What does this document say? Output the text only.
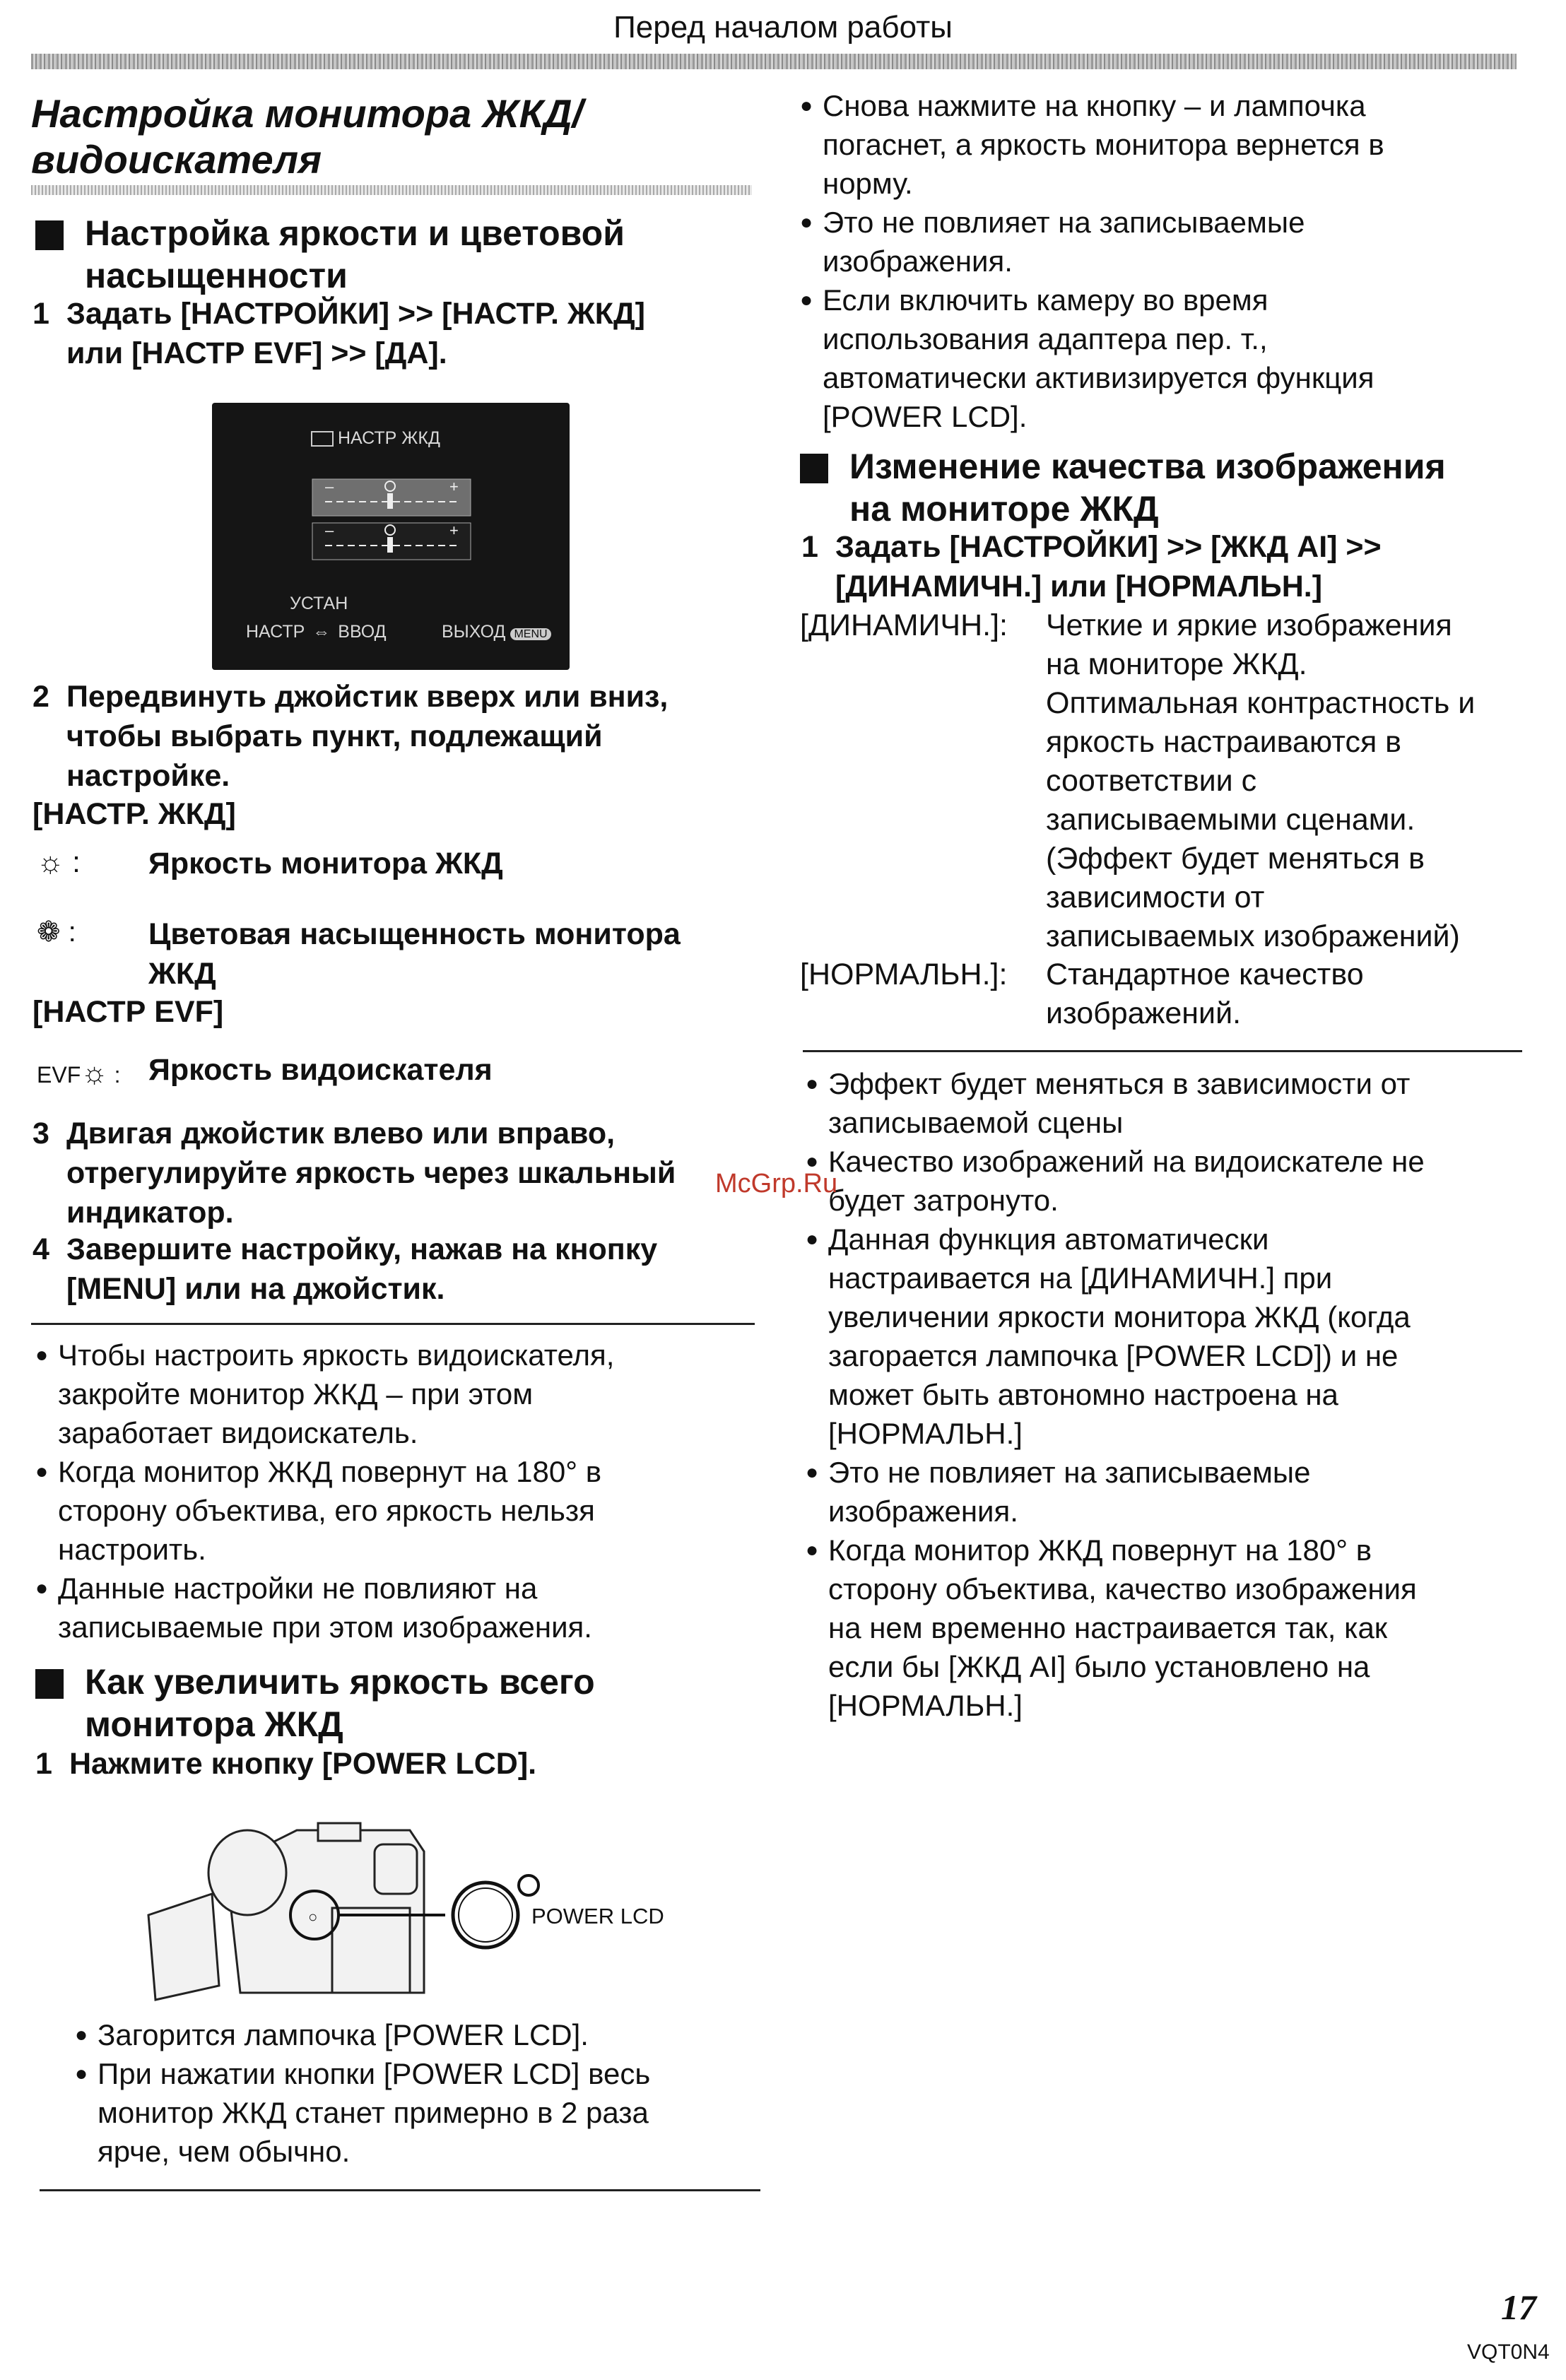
Перед началом работы
Настройка монитора ЖКД/
видоискателя
Настройка яркости и цветовой
насыщенности
1 Задать [НАСТРОЙКИ] >> [НАСТР. ЖКД]
или [НАСТР EVF] >> [ДА].
НАСТР ЖКД
–	+
–	+
УСТАН
НАСТР ⇔ ВВОД	ВЫХОД MENU
2 Передвинуть джойстик вверх или вниз,
чтобы выбрать пункт, подлежащий
настройке.
[НАСТР. ЖКД]
☼ : Яркость монитора ЖКД
❁ : Цветовая насыщенность монитора
ЖКД
[НАСТР EVF]
EVF☼ : Яркость видоискателя
3 Двигая джойстик влево или вправо,
отрегулируйте яркость через шкальный
индикатор.
4 Завершите настройку, нажав на кнопку
[MENU] или на джойстик.
● Чтобы настроить яркость видоискателя,
закройте монитор ЖКД – при этом
заработает видоискатель.
● Когда монитор ЖКД повернут на 180° в
сторону объектива, его яркость нельзя
настроить.
● Данные настройки не повлияют на
записываемые при этом изображения.
Как увеличить яркость всего
монитора ЖКД
1 Нажмите кнопку [POWER LCD].
○	POWER LCD
● Загорится лампочка [POWER LCD].
● При нажатии кнопки [POWER LCD] весь
монитор ЖКД станет примерно в 2 раза
ярче, чем обычно.
● Снова нажмите на кнопку – и лампочка
погаснет, а яркость монитора вернется в
норму.
● Это не повлияет на записываемые
изображения.
● Если включить камеру во время
использования адаптера пер. т.,
автоматически активизируется функция
[POWER LCD].
Изменение качества изображения
на мониторе ЖКД
1 Задать [НАСТРОЙКИ] >> [ЖКД AI] >>
[ДИНАМИЧН.] или [НОРМАЛЬН.]
[ДИНАМИЧН.]: Четкие и яркие изображения
на мониторе ЖКД.
Оптимальная контрастность и
яркость настраиваются в
соответствии с
записываемыми сценами.
(Эффект будет меняться в
зависимости от
записываемых изображений)
[НОРМАЛЬН.]: Стандартное качество
изображений.
● Эффект будет меняться в зависимости от
записываемой сцены
● Качество изображений на видоискателе не
будет затронуто.
● Данная функция автоматически
настраивается на [ДИНАМИЧН.] при
увеличении яркости монитора ЖКД (когда
загорается лампочка [POWER LCD]) и не
может быть автономно настроена на
[НОРМАЛЬН.]
● Это не повлияет на записываемые
изображения.
● Когда монитор ЖКД повернут на 180° в
сторону объектива, качество изображения
на нем временно настраивается так, как
если бы [ЖКД AI] было установлено на
[НОРМАЛЬН.]
McGrp.Ru
17
VQT0N4
